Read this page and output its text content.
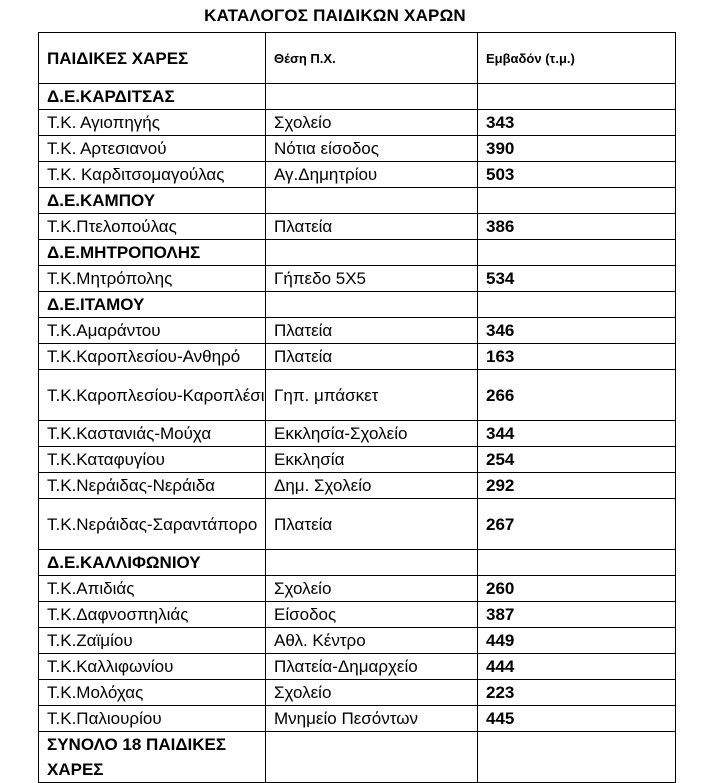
ΚΑΤΑΛΟΓΟΣ ΠΑΙΔΙΚΩΝ ΧΑΡΩΝ
ΠΑΙΔΙΚΕΣ ΧΑΡΕΣ	Θέση Π.Χ.	Εμβαδόν (τ.μ.)
Δ.Ε.ΚΑΡΔΙΤΣΑΣ		
Τ.Κ. Αγιοπηγής	Σχολείο	343
Τ.Κ. Αρτεσιανού	Νότια είσοδος	390
Τ.Κ. Καρδιτσομαγούλας	Αγ.Δημητρίου	503
Δ.Ε.ΚΑΜΠΟΥ		
Τ.Κ.Πτελοπούλας	Πλατεία	386
Δ.Ε.ΜΗΤΡΟΠΟΛΗΣ		
Τ.Κ.Μητρόπολης	Γήπεδο 5Χ5	534
Δ.Ε.ΙΤΑΜΟΥ		
Τ.Κ.Αμαράντου	Πλατεία	346
Τ.Κ.Καροπλεσίου-Ανθηρό	Πλατεία	163
Τ.Κ.Καροπλεσίου-Καροπλέσι	Γηπ. μπάσκετ	266
Τ.Κ.Καστανιάς-Μούχα	Εκκλησία-Σχολείο	344
Τ.Κ.Καταφυγίου	Εκκλησία	254
Τ.Κ.Νεράιδας-Νεράιδα	Δημ. Σχολείο	292
Τ.Κ.Νεράιδας-Σαραντάπορο	Πλατεία	267
Δ.Ε.ΚΑΛΛΙΦΩΝΙΟΥ		
Τ.Κ.Απιδιάς	Σχολείο	260
Τ.Κ.Δαφνοσπηλιάς	Είσοδος	387
Τ.Κ.Ζαϊμίου	Αθλ. Κέντρο	449
Τ.Κ.Καλλιφωνίου	Πλατεία-Δημαρχείο	444
Τ.Κ.Μολόχας	Σχολείο	223
Τ.Κ.Παλιουρίου	Μνημείο Πεσόντων	445
ΣΥΝΟΛΟ 18 ΠΑΙΔΙΚΕΣ ΧΑΡΕΣ		
